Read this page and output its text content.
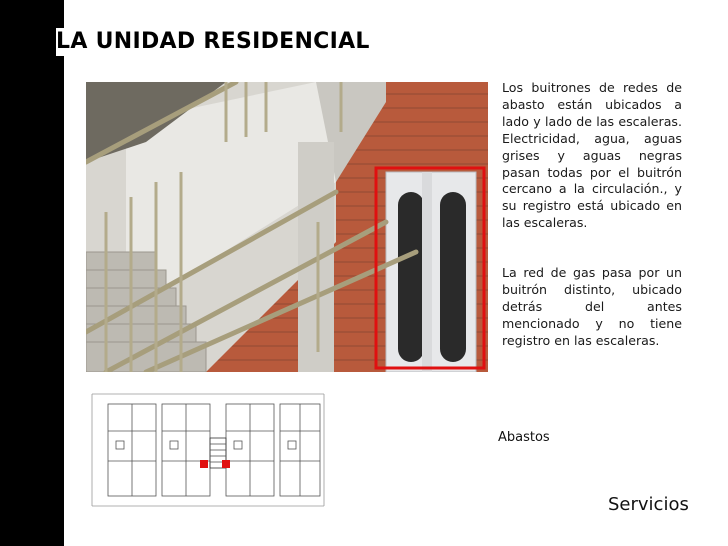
LA UNIDAD RESIDENCIAL

Los buitrones de redes de abasto están ubicados a lado y lado de las escaleras. Electricidad, agua, aguas grises y aguas negras pasan todas por el buitrón cercano a la circulación., y su registro está ubicado en las escaleras.

La red de gas pasa por un buitrón distinto, ubicado detrás del antes mencionado y no tiene registro en las escaleras.

Abastos
Servicios
